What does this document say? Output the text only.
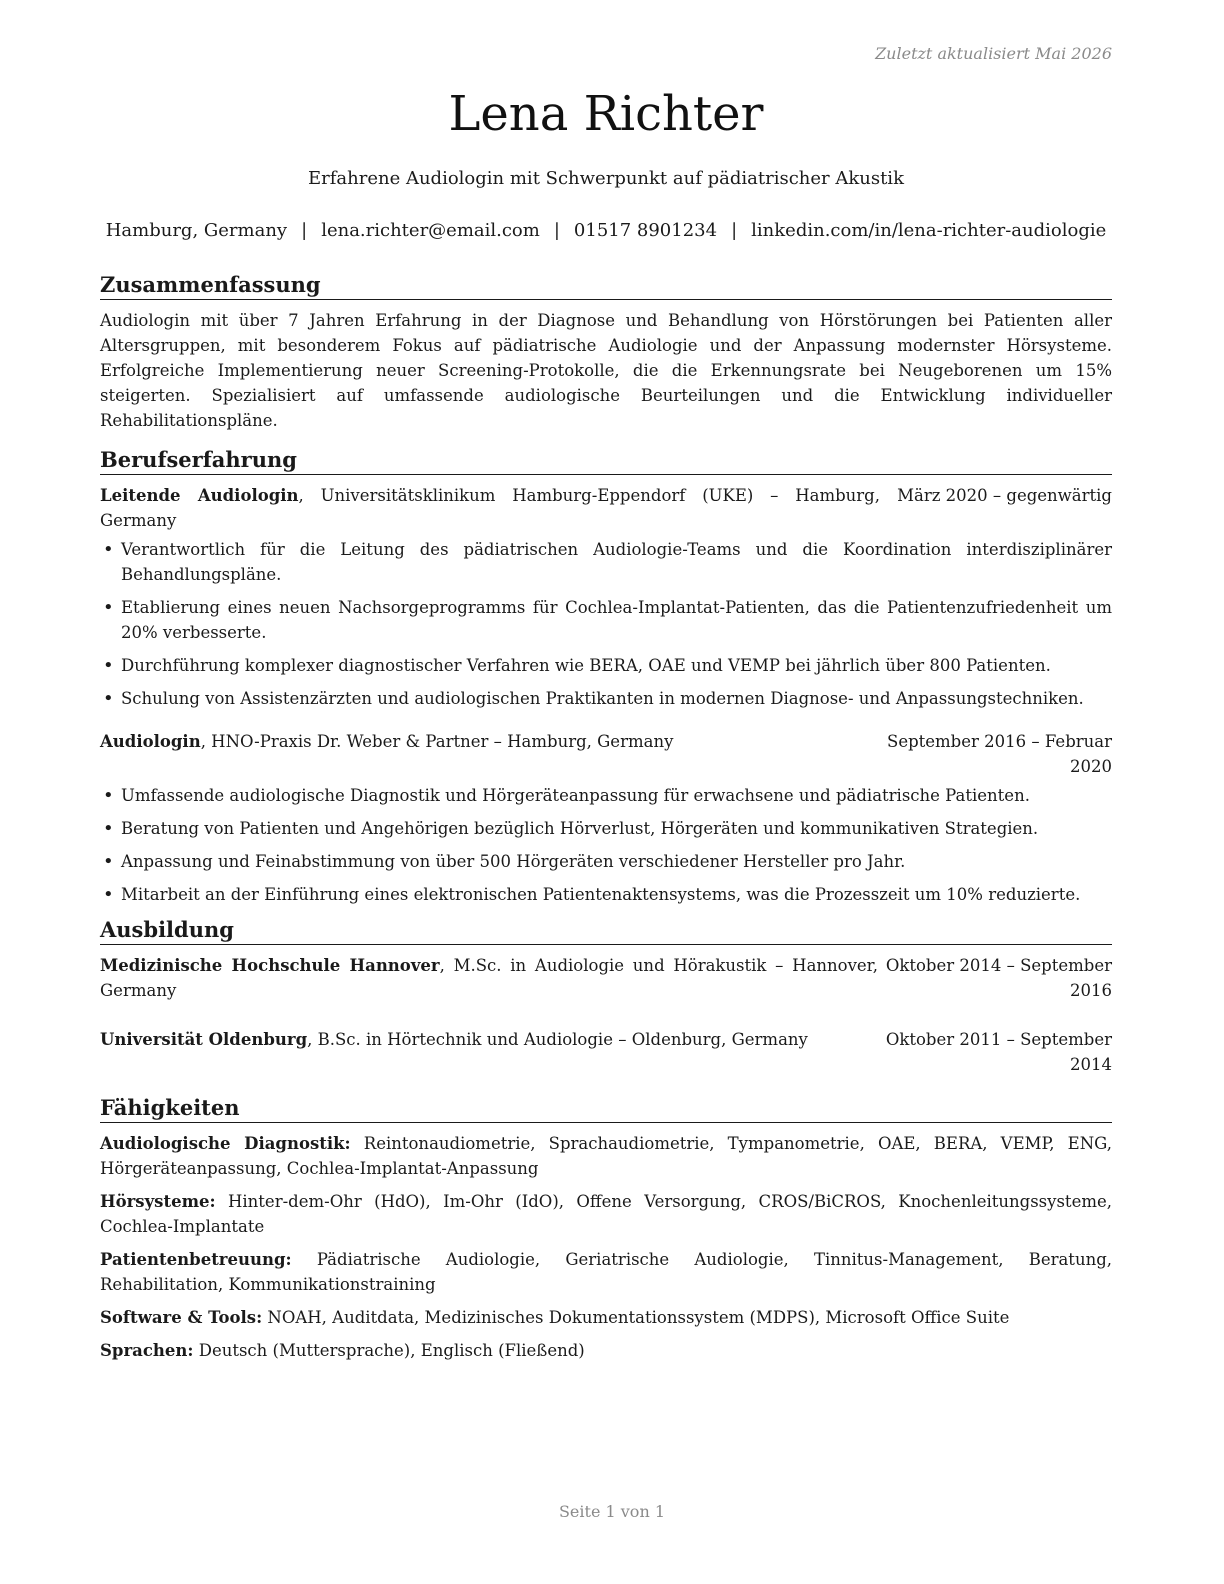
Zuletzt aktualisiert Mai 2026
Lena Richter
Erfahrene Audiologin mit Schwerpunkt auf pädiatrischer Akustik
Hamburg, Germany | lena.richter@email.com | 01517 8901234 | linkedin.com/in/lena-richter-audiologie
Zusammenfassung

Audiologin mit über 7 Jahren Erfahrung in der Diagnose und Behandlung von Hörstörungen bei Patienten aller Altersgruppen, mit besonderem Fokus auf pädiatrische Audiologie und der Anpassung modernster Hörsysteme. Erfolgreiche Implementierung neuer Screening-Protokolle, die die Erkennungsrate bei Neugeborenen um 15% steigerten. Spezialisiert auf umfassende audiologische Beurteilungen und die Entwicklung individueller Rehabilitationspläne.

Berufserfahrung
Leitende Audiologin, Universitätsklinikum Hamburg-Eppendorf (UKE) – Hamburg, Germany
März 2020 – gegenwärtig
• Verantwortlich für die Leitung des pädiatrischen Audiologie-Teams und die Koordination interdisziplinärer Behandlungspläne.
• Etablierung eines neuen Nachsorgeprogramms für Cochlea-Implantat-Patienten, das die Patientenzufriedenheit um 20% verbesserte.
• Durchführung komplexer diagnostischer Verfahren wie BERA, OAE und VEMP bei jährlich über 800 Patienten.
• Schulung von Assistenzärzten und audiologischen Praktikanten in modernen Diagnose- und Anpassungstechniken.
Audiologin, HNO-Praxis Dr. Weber & Partner – Hamburg, Germany	September 2016 – Februar 2020
• Umfassende audiologische Diagnostik und Hörgeräteanpassung für erwachsene und pädiatrische Patienten.
• Beratung von Patienten und Angehörigen bezüglich Hörverlust, Hörgeräten und kommunikativen Strategien.
• Anpassung und Feinabstimmung von über 500 Hörgeräten verschiedener Hersteller pro Jahr.
• Mitarbeit an der Einführung eines elektronischen Patientenaktensystems, was die Prozesszeit um 10% reduzierte.
Ausbildung
Medizinische Hochschule Hannover, M.Sc. in Audiologie und Hörakustik – Hannover, Germany
Oktober 2014 – September 2016
Universität Oldenburg, B.Sc. in Hörtechnik und Audiologie – Oldenburg, Germany	Oktober 2011 – September 2014
Fähigkeiten
Audiologische Diagnostik: Reintonaudiometrie, Sprachaudiometrie, Tympanometrie, OAE, BERA, VEMP, ENG, Hörgeräteanpassung, Cochlea-Implantat-Anpassung
Hörsysteme: Hinter-dem-Ohr (HdO), Im-Ohr (IdO), Offene Versorgung, CROS/BiCROS, Knochenleitungssysteme, Cochlea-Implantate
Patientenbetreuung: Pädiatrische Audiologie, Geriatrische Audiologie, Tinnitus-Management, Beratung, Rehabilitation, Kommunikationstraining
Software & Tools: NOAH, Auditdata, Medizinisches Dokumentationssystem (MDPS), Microsoft Office Suite
Sprachen: Deutsch (Muttersprache), Englisch (Fließend)
Seite 1 von 1
